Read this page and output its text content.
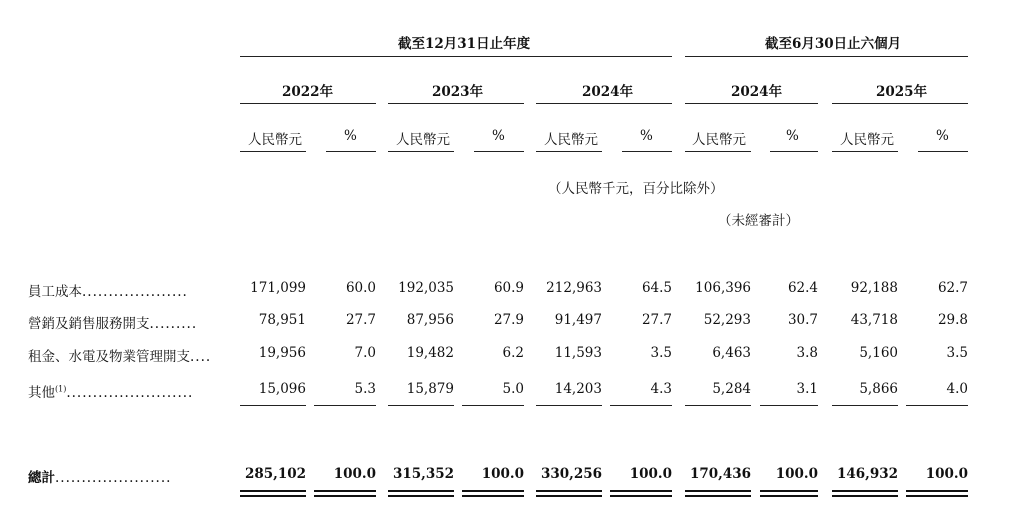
截至12月31日止年度	截至6月30日止六個月
2022年	2023年	2024年	2024年	2025年
人民幣元	%	人民幣元	%	人民幣元	%	人民幣元	%	人民幣元	%
（人民幣千元，百分比除外）
（未經審計）
員工成本....................	171,099	60.0 192,035	60.9 212,963	64.5 106,396	62.4 92,188	62.7
營銷及銷售服務開支.........	78,951	27.7 87,956	27.9 91,497	27.7 52,293	30.7 43,718	29.8
租金、水電及物業管理開支....	19,956	7.0 19,482	6.2 11,593	3.5	6,463	3.8	5,160	3.5
其他$^{(1)}$........................	15,096	5.3 15,879	5.0 14,203	4.3	5,284	3.1	5,866	4.0
總計......................	285,102 100.0 315,352 100.0 330,256 100.0 170,436 100.0 146,932 100.0
